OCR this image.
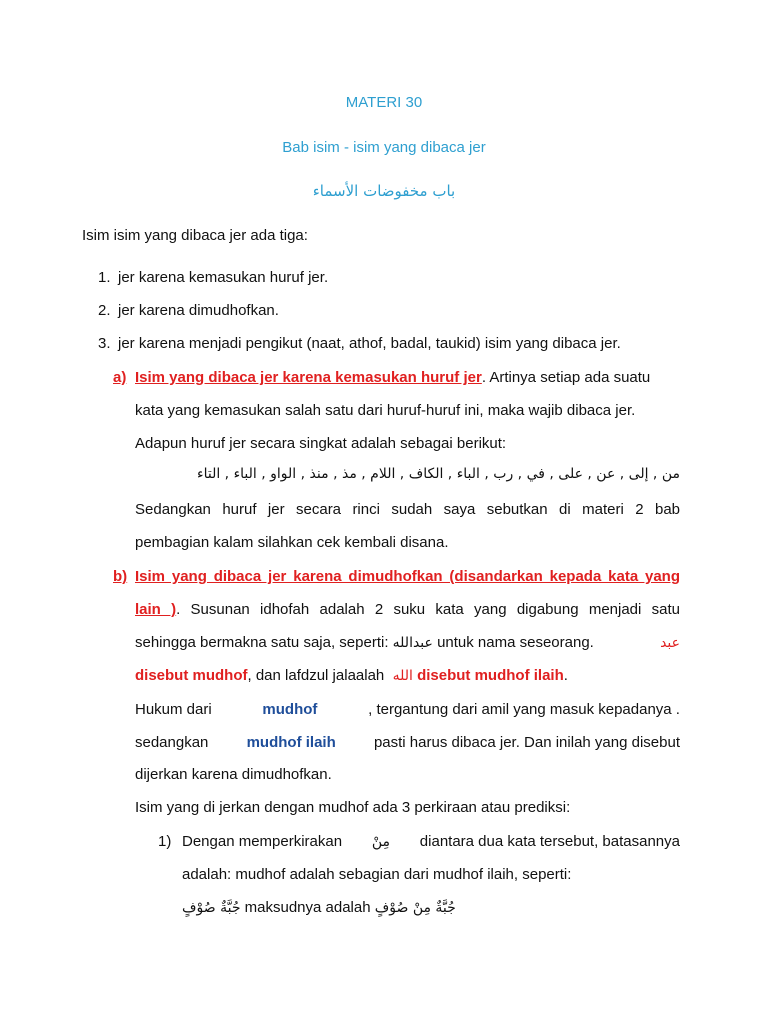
MATERI 30
Bab isim - isim yang dibaca jer
باب مخفوضات الأسماء
Isim isim yang dibaca jer ada tiga:
1. jer karena kemasukan huruf jer.
2. jer karena dimudhofkan.
3. jer karena menjadi pengikut (naat, athof, badal, taukid) isim yang dibaca jer.
a) Isim yang dibaca jer karena kemasukan huruf jer. Artinya setiap ada suatu
kata yang kemasukan salah satu dari huruf-huruf ini, maka wajib dibaca jer.
Adapun huruf jer secara singkat adalah sebagai berikut:
من , إلى , عن , على , في , رب , الباء , الكاف , اللام , مذ , منذ , الواو , الباء , التاء
Sedangkan huruf jer secara rinci sudah saya sebutkan di materi 2 bab
pembagian kalam silahkan cek kembali disana.
b) Isim yang dibaca jer karena dimudhofkan (disandarkan kepada kata yang
lain ). Susunan idhofah adalah 2 suku kata yang digabung menjadi satu
sehingga bermakna satu saja, seperti: عبدالله untuk nama seseorang.	عبد
disebut mudhof, dan lafdzul jalaalah الله disebut mudhof ilaih.
Hukum dari	mudhof	, tergantung dari amil yang masuk kepadanya .
sedangkan	mudhof ilaih	pasti harus dibaca jer. Dan inilah yang disebut
dijerkan karena dimudhofkan.
Isim yang di jerkan dengan mudhof ada 3 perkiraan atau prediksi:
1) Dengan memperkirakan مِنْ diantara dua kata tersebut, batasannya
adalah: mudhof adalah sebagian dari mudhof ilaih, seperti:
جُبَّةٌ صُوْفٍ maksudnya adalah جُبَّةٌ مِنْ صُوْفٍ
